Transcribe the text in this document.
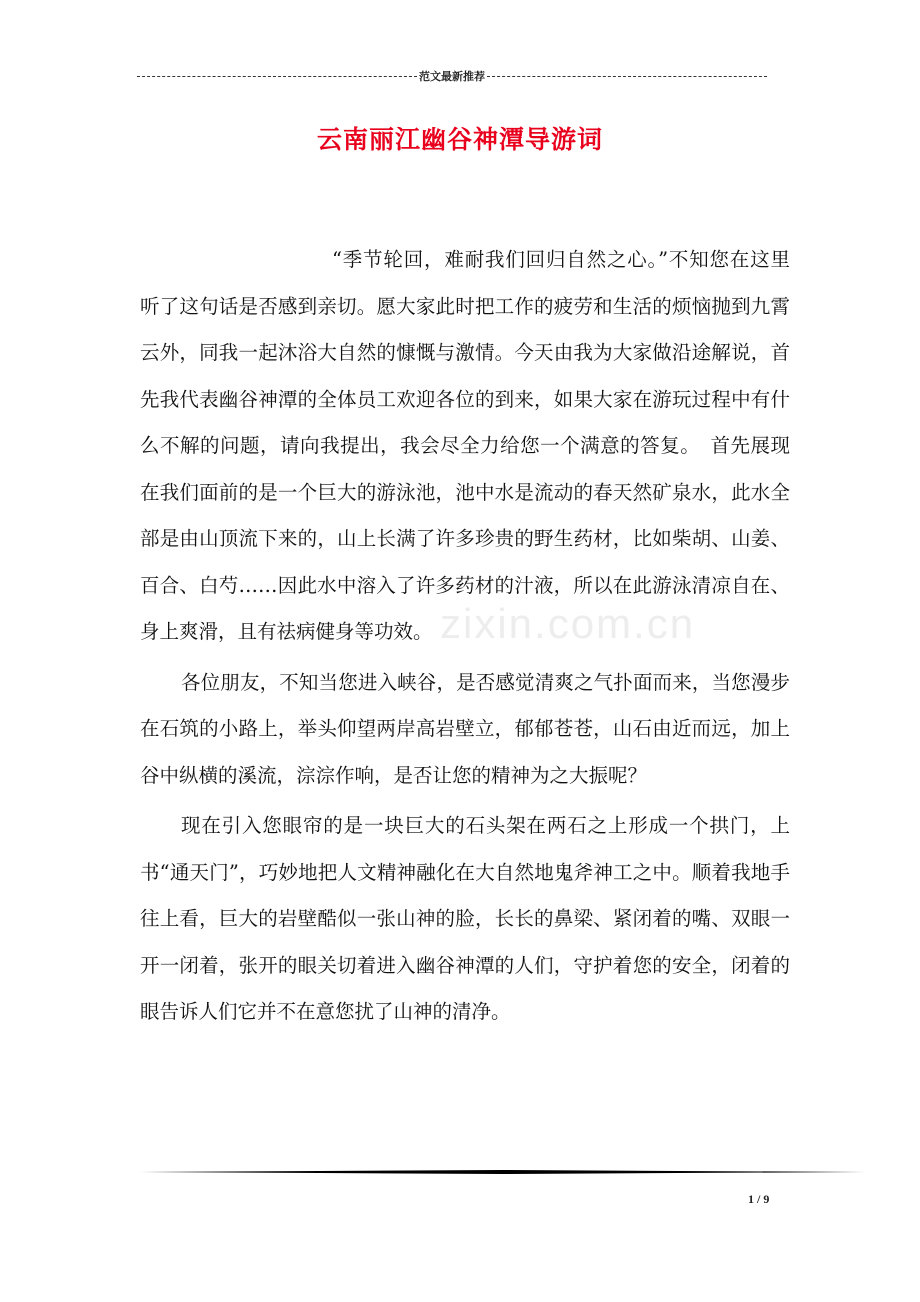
范文最新推荐
云南丽江幽谷神潭导游词
zixin.com.cn

“季节轮回，难耐我们回归自然之心。”不知您在这里听了这句话是否感到亲切。愿大家此时把工作的疲劳和生活的烦恼抛到九霄云外，同我一起沐浴大自然的慷慨与激情。今天由我为大家做沿途解说，首先我代表幽谷神潭的全体员工欢迎各位的到来，如果大家在游玩过程中有什么不解的问题，请向我提出，我会尽全力给您一个满意的答复。　首先展现在我们面前的是一个巨大的游泳池，池中水是流动的春天然矿泉水，此水全部是由山顶流下来的，山上长满了许多珍贵的野生药材，比如柴胡、山姜、百合、白芍……因此水中溶入了许多药材的汁液，所以在此游泳清凉自在、身上爽滑，且有祛病健身等功效。

各位朋友，不知当您进入峡谷，是否感觉清爽之气扑面而来，当您漫步在石筑的小路上，举头仰望两岸高岩壁立，郁郁苍苍，山石由近而远，加上谷中纵横的溪流，淙淙作响，是否让您的精神为之大振呢？

现在引入您眼帘的是一块巨大的石头架在两石之上形成一个拱门，上书“通天门”，巧妙地把人文精神融化在大自然地鬼斧神工之中。顺着我地手往上看，巨大的岩壁酷似一张山神的脸，长长的鼻梁、紧闭着的嘴、双眼一开一闭着，张开的眼关切着进入幽谷神潭的人们，守护着您的安全，闭着的眼告诉人们它并不在意您扰了山神的清净。

1 / 9
